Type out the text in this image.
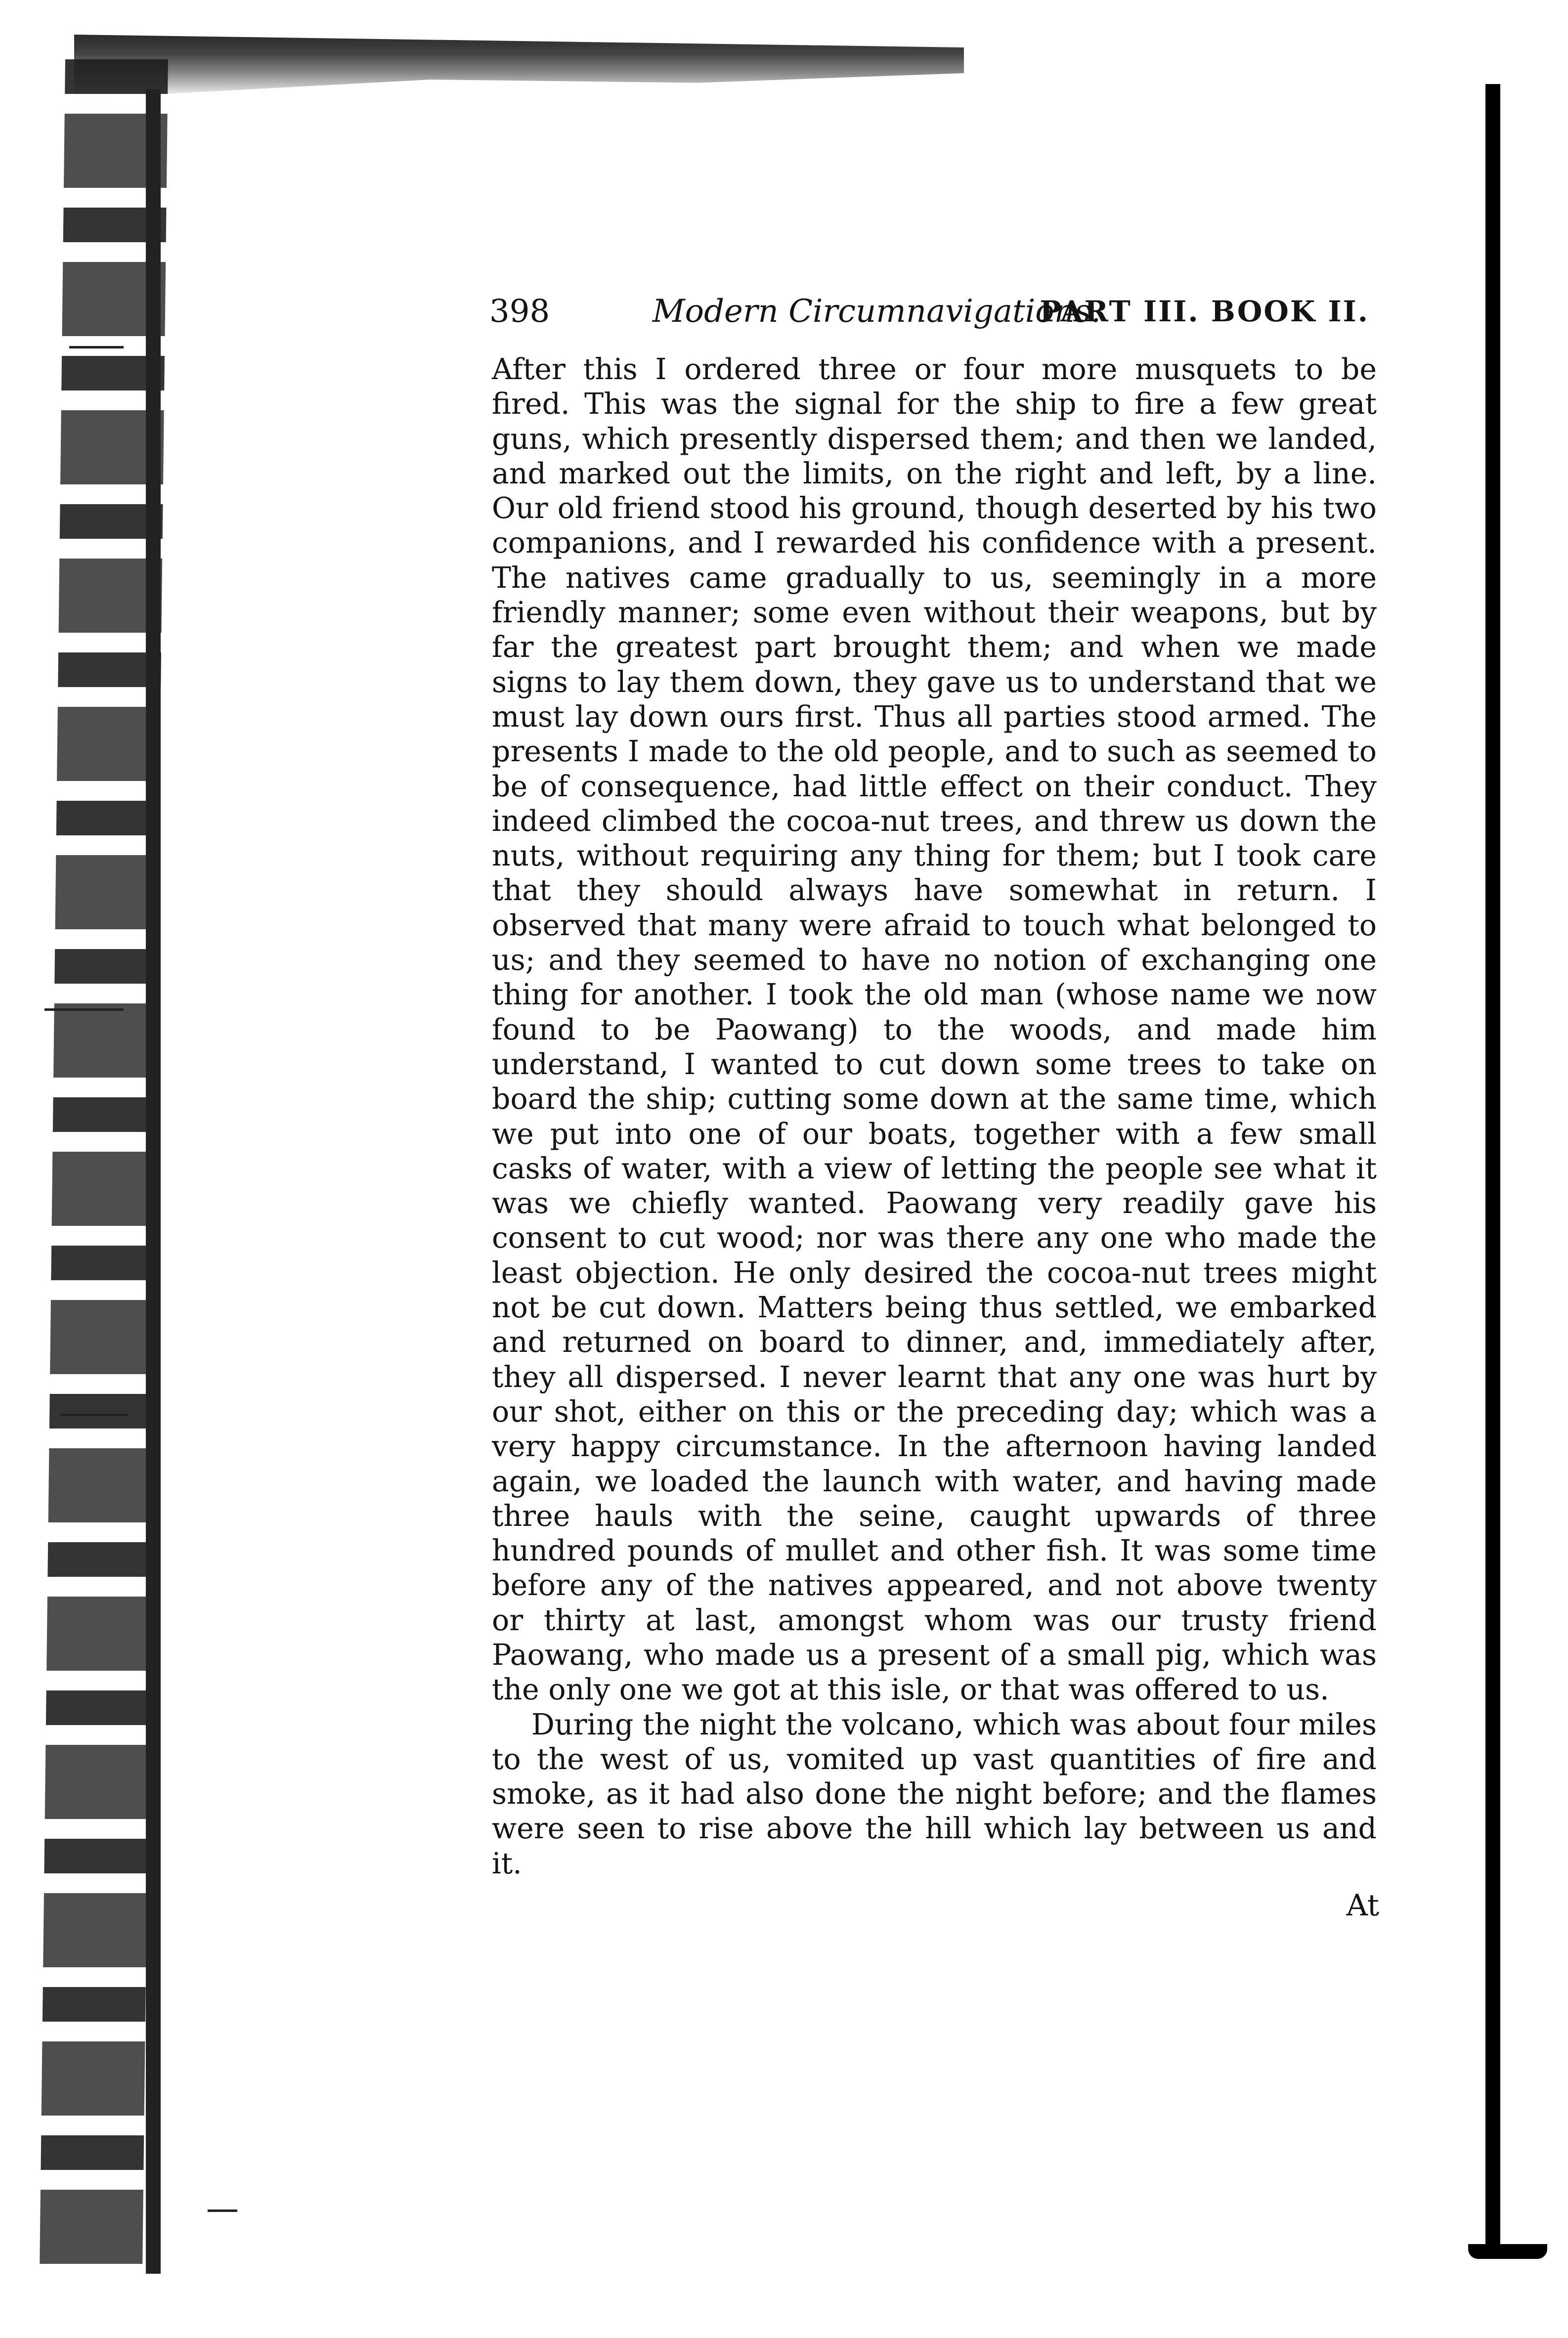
398	Modern Circumnavigations.
PART III. BOOK II.

After this I ordered three or four more musquets to be fired. This was the signal for the ship to fire a few great guns, which presently dispersed them; and then we landed, and marked out the limits, on the right and left, by a line. Our old friend stood his ground, though deserted by his two companions, and I rewarded his confidence with a present. The natives came gradually to us, seemingly in a more friendly manner; some even without their weapons, but by far the greatest part brought them; and when we made signs to lay them down, they gave us to understand that we must lay down ours first. Thus all parties stood armed. The presents I made to the old people, and to such as seemed to be of consequence, had little effect on their conduct. They indeed climbed the cocoa-nut trees, and threw us down the nuts, without requiring any thing for them; but I took care that they should always have somewhat in return. I observed that many were afraid to touch what belonged to us; and they seemed to have no notion of exchanging one thing for another. I took the old man (whose name we now found to be Paowang) to the woods, and made him understand, I wanted to cut down some trees to take on board the ship; cutting some down at the same time, which we put into one of our boats, together with a few small casks of water, with a view of letting the people see what it was we chiefly wanted. Paowang very readily gave his consent to cut wood; nor was there any one who made the least objection. He only desired the cocoa-nut trees might not be cut down. Matters being thus settled, we embarked and returned on board to dinner, and, immediately after, they all dispersed. I never learnt that any one was hurt by our shot, either on this or the preceding day; which was a very happy circumstance. In the afternoon having landed again, we loaded the launch with water, and having made three hauls with the seine, caught upwards of three hundred pounds of mullet and other fish. It was some time before any of the natives appeared, and not above twenty or thirty at last, amongst whom was our trusty friend Paowang, who made us a present of a small pig, which was the only one we got at this isle, or that was offered to us.

During the night the volcano, which was about four miles to the west of us, vomited up vast quantities of fire and smoke, as it had also done the night before; and the flames were seen to rise above the hill which lay between us and it.

At
